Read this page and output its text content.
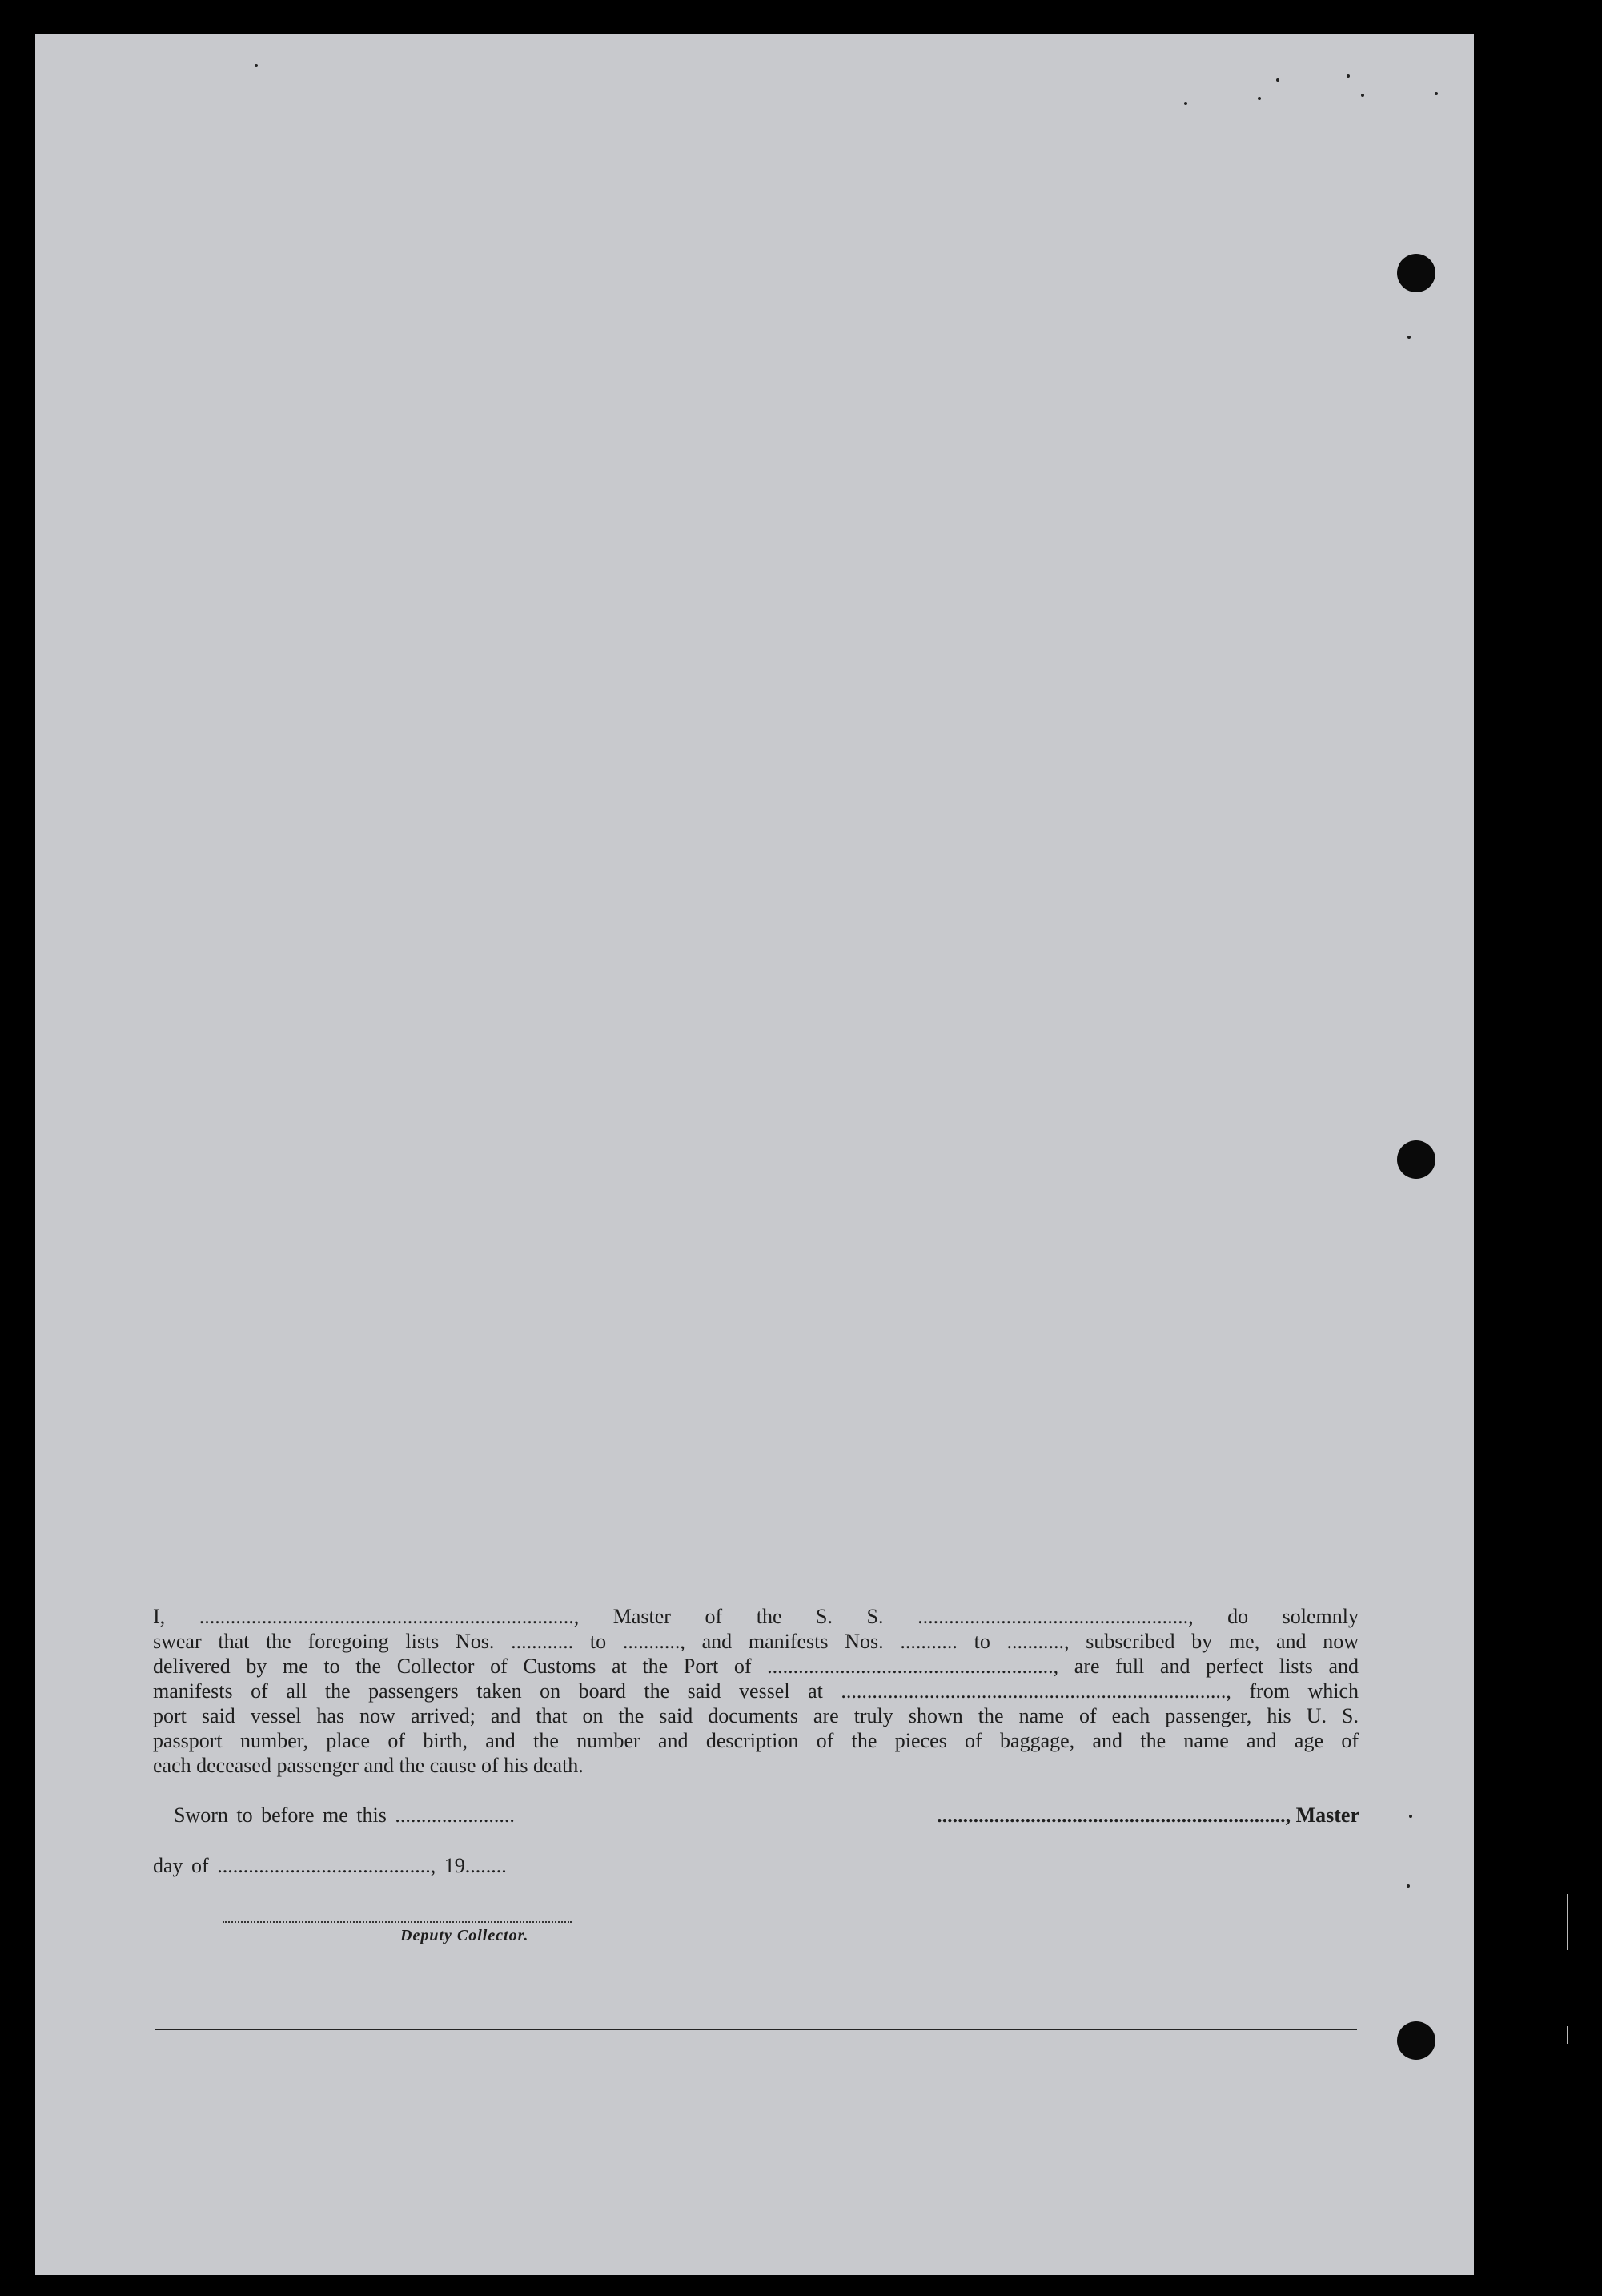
I, ........................................................................, Master of the S. S. ...................................................., do solemnly
swear that the foregoing lists Nos. ............ to ..........., and manifests Nos. ........... to ..........., subscribed by me, and now
delivered by me to the Collector of Customs at the Port of ......................................................., are full and perfect lists and
manifests of all the passengers taken on board the said vessel at .........................................................................., from which
port said vessel has now arrived; and that on the said documents are truly shown the name of each passenger, his U. S.
passport number, place of birth, and the number and description of the pieces of baggage, and the name and age of
each deceased passenger and the cause of his death.
Sworn to before me this .......................	..................................................................., Master
day of ........................................., 19........
Deputy Collector.
